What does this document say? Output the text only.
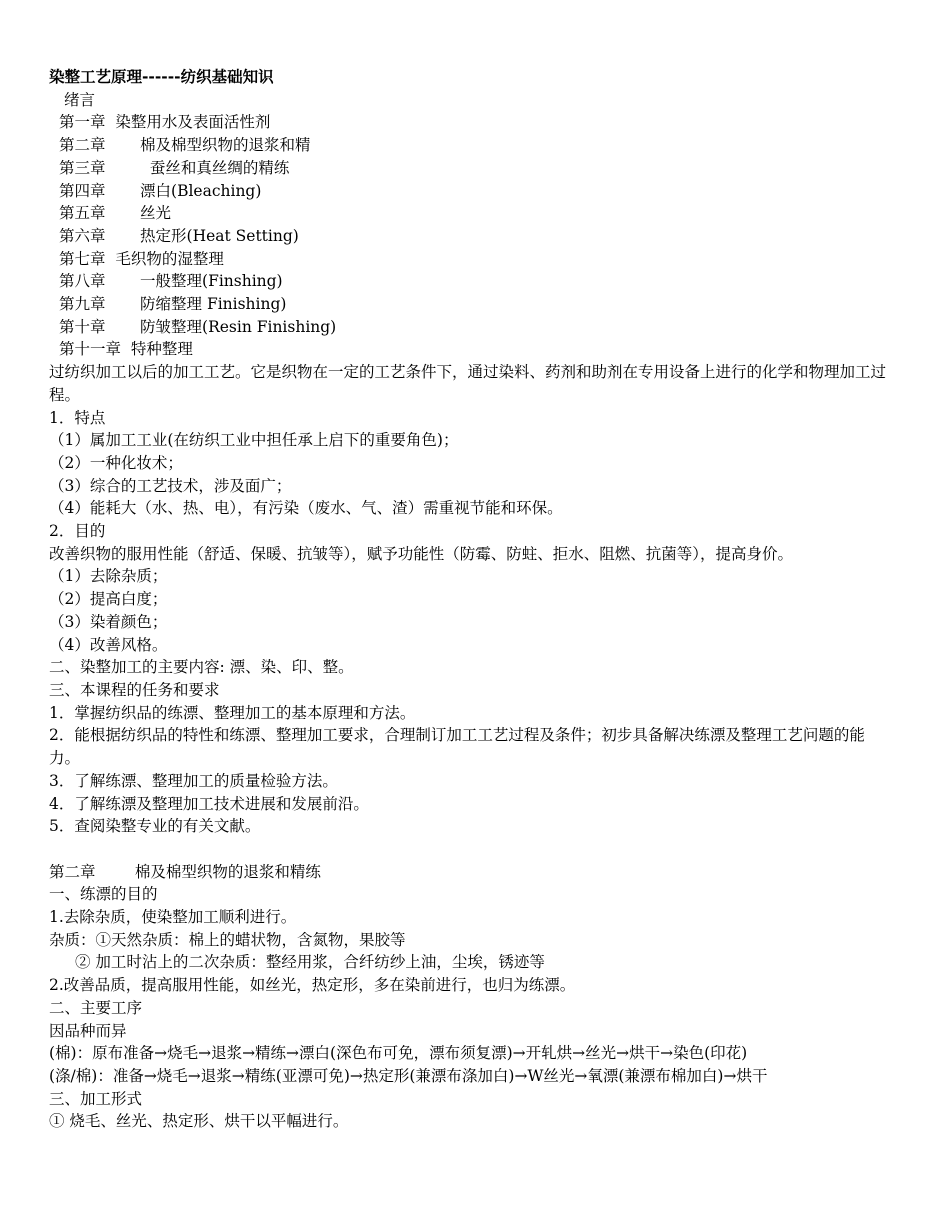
染整工艺原理------纺织基础知识
绪言
第一章 染整用水及表面活性剂
第二章 棉及棉型织物的退浆和精
第三章	蚕丝和真丝绸的精练
第四章 漂白(Bleaching)
第五章 丝光
第六章 热定形(Heat Setting)
第七章 毛织物的湿整理
第八章 一般整理(Finshing)
第九章 防缩整理 Finishing)
第十章 防皱整理(Resin Finishing)
第十一章 特种整理
过纺织加工以后的加工工艺。它是织物在一定的工艺条件下，通过染料、药剂和助剂在专用设备上进行的化学和物理加工过程。
1．特点
（1）属加工工业(在纺织工业中担任承上启下的重要角色)；
（2）一种化妆术；
（3）综合的工艺技术，涉及面广；
（4）能耗大（水、热、电），有污染（废水、气、渣）需重视节能和环保。
2．目的
改善织物的服用性能（舒适、保暖、抗皱等），赋予功能性（防霉、防蛀、拒水、阻燃、抗菌等），提高身价。
（1）去除杂质；
（2）提高白度；
（3）染着颜色；
（4）改善风格。
二、染整加工的主要内容: 漂、染、印、整。
三、本课程的任务和要求
1．掌握纺织品的练漂、整理加工的基本原理和方法。
2．能根据纺织品的特性和练漂、整理加工要求，合理制订加工工艺过程及条件；初步具备解决练漂及整理工艺问题的能力。
3．了解练漂、整理加工的质量检验方法。
4．了解练漂及整理加工技术进展和发展前沿。
5．查阅染整专业的有关文献。
第二章        棉及棉型织物的退浆和精练
一、练漂的目的
1.去除杂质，使染整加工顺利进行。
杂质：①天然杂质：棉上的蜡状物，含氮物，果胶等
② 加工时沾上的二次杂质：整经用浆，合纤纺纱上油，尘埃，锈迹等
2.改善品质，提高服用性能，如丝光，热定形，多在染前进行，也归为练漂。
二、主要工序
因品种而异
(棉)：原布准备→烧毛→退浆→精练→漂白(深色布可免，漂布须复漂)→开轧烘→丝光→烘干→染色(印花)
(涤/棉)：准备→烧毛→退浆→精练(亚漂可免)→热定形(兼漂布涤加白)→W丝光→氧漂(兼漂布棉加白)→烘干
三、加工形式
① 烧毛、丝光、热定形、烘干以平幅进行。
